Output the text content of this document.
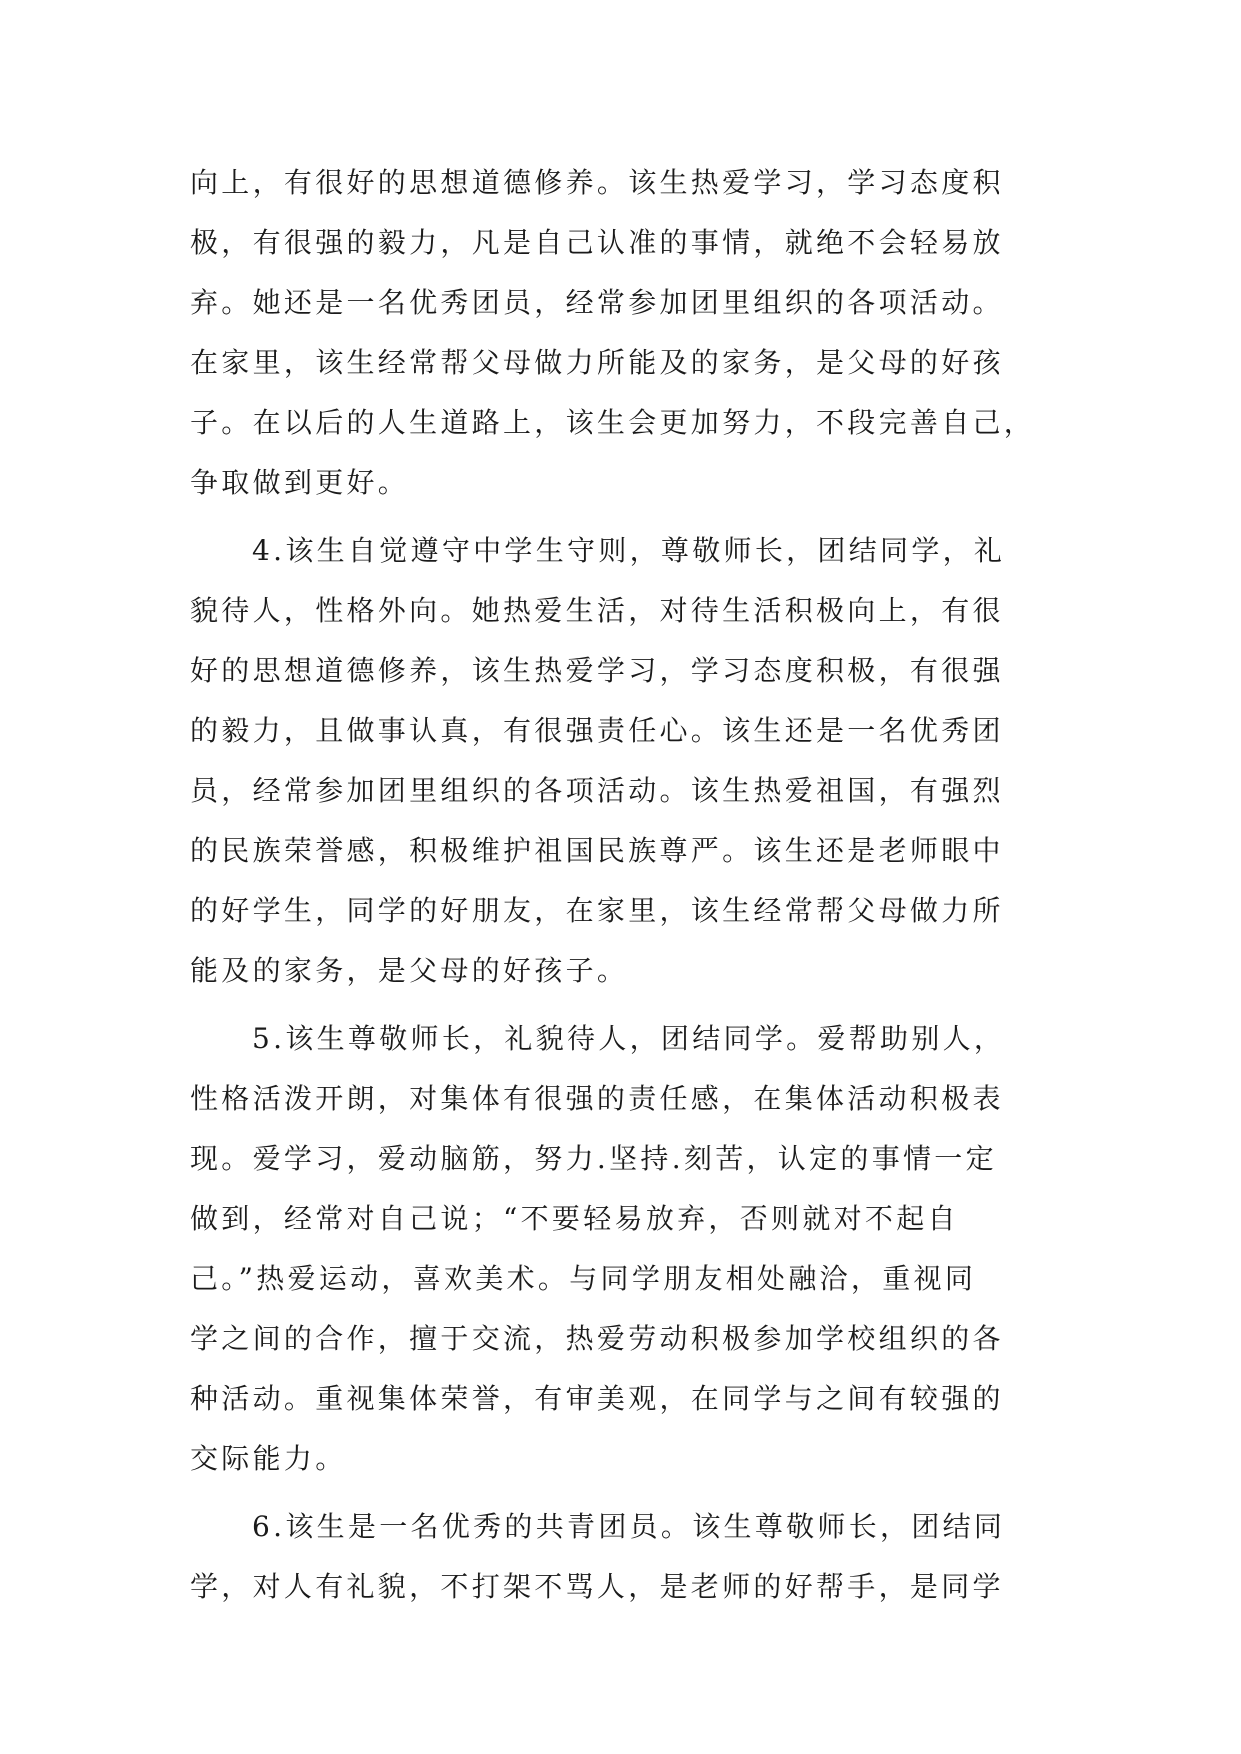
向上，有很好的思想道德修养。该生热爱学习，学习态度积
极，有很强的毅力，凡是自己认准的事情，就绝不会轻易放
弃。她还是一名优秀团员，经常参加团里组织的各项活动。
在家里，该生经常帮父母做力所能及的家务，是父母的好孩
子。在以后的人生道路上，该生会更加努力，不段完善自己，
争取做到更好。
4.该生自觉遵守中学生守则，尊敬师长，团结同学，礼
貌待人，性格外向。她热爱生活，对待生活积极向上，有很
好的思想道德修养，该生热爱学习，学习态度积极，有很强
的毅力，且做事认真，有很强责任心。该生还是一名优秀团
员，经常参加团里组织的各项活动。该生热爱祖国，有强烈
的民族荣誉感，积极维护祖国民族尊严。该生还是老师眼中
的好学生，同学的好朋友，在家里，该生经常帮父母做力所
能及的家务，是父母的好孩子。
5.该生尊敬师长，礼貌待人，团结同学。爱帮助别人，
性格活泼开朗，对集体有很强的责任感，在集体活动积极表
现。爱学习，爱动脑筋，努力.坚持.刻苦，认定的事情一定
做到，经常对自己说；“不要轻易放弃，否则就对不起自
己。”热爱运动，喜欢美术。与同学朋友相处融洽，重视同
学之间的合作，擅于交流，热爱劳动积极参加学校组织的各
种活动。重视集体荣誉，有审美观，在同学与之间有较强的
交际能力。
6.该生是一名优秀的共青团员。该生尊敬师长，团结同
学，对人有礼貌，不打架不骂人，是老师的好帮手，是同学
